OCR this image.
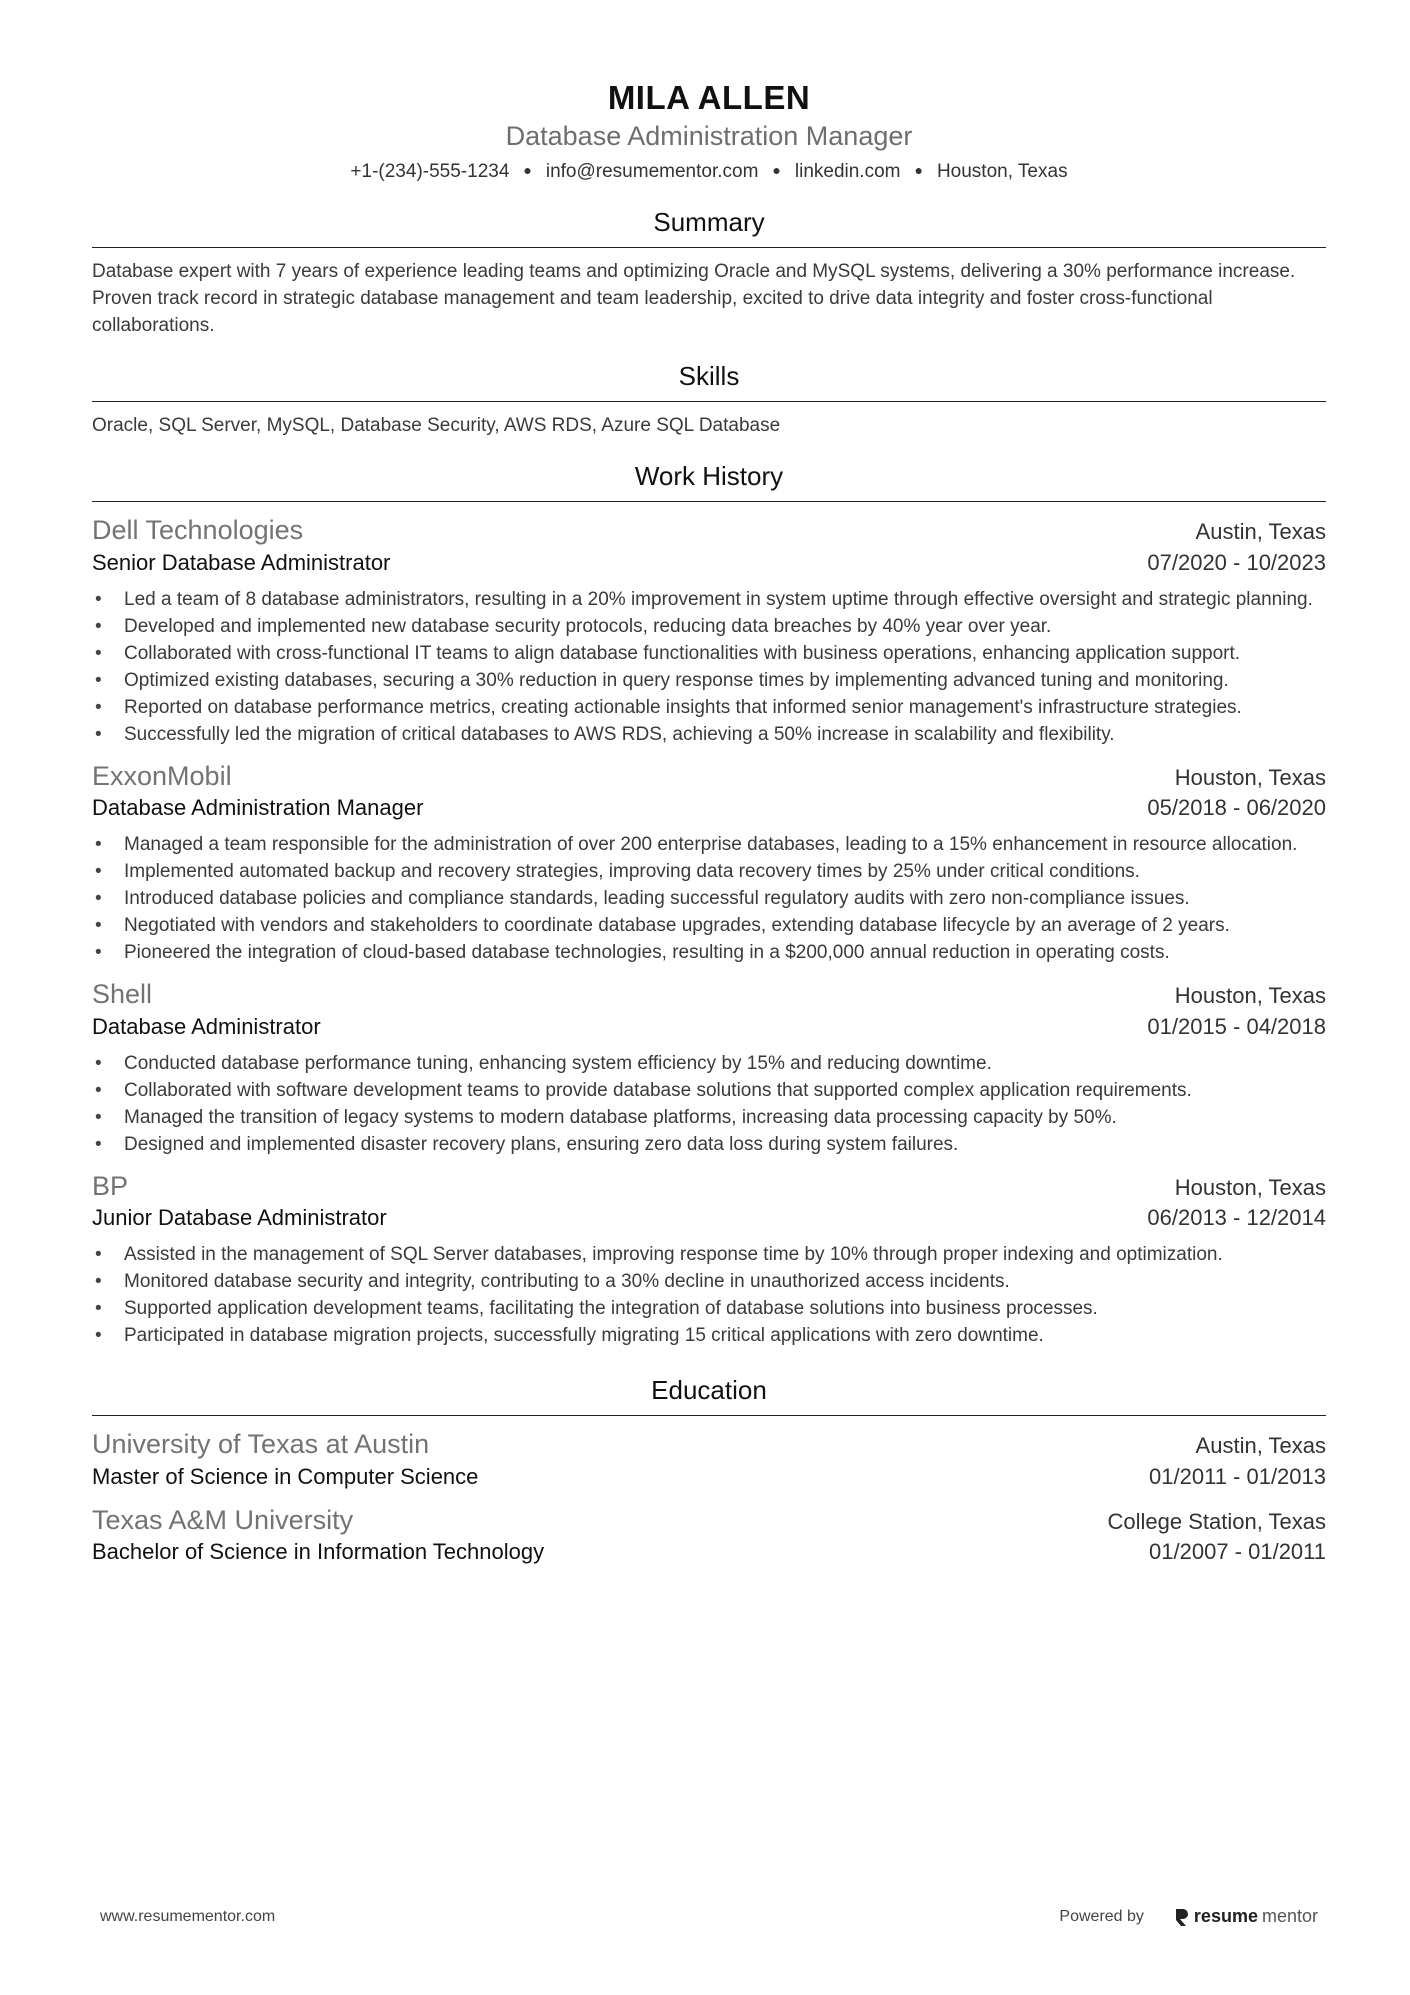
MILA ALLEN
Database Administration Manager
+1-(234)-555-1234 ● info@resumementor.com ● linkedin.com ● Houston, Texas
Summary
Database expert with 7 years of experience leading teams and optimizing Oracle and MySQL systems, delivering a 30% performance increase. Proven track record in strategic database management and team leadership, excited to drive data integrity and foster cross-functional collaborations.
Skills
Oracle, SQL Server, MySQL, Database Security, AWS RDS, Azure SQL Database
Work History
Dell Technologies	Austin, Texas
Senior Database Administrator	07/2020 - 10/2023
• Led a team of 8 database administrators, resulting in a 20% improvement in system uptime through effective oversight and strategic planning.
• Developed and implemented new database security protocols, reducing data breaches by 40% year over year.
• Collaborated with cross-functional IT teams to align database functionalities with business operations, enhancing application support.
• Optimized existing databases, securing a 30% reduction in query response times by implementing advanced tuning and monitoring.
• Reported on database performance metrics, creating actionable insights that informed senior management's infrastructure strategies.
• Successfully led the migration of critical databases to AWS RDS, achieving a 50% increase in scalability and flexibility.
ExxonMobil	Houston, Texas
Database Administration Manager	05/2018 - 06/2020
• Managed a team responsible for the administration of over 200 enterprise databases, leading to a 15% enhancement in resource allocation.
• Implemented automated backup and recovery strategies, improving data recovery times by 25% under critical conditions.
• Introduced database policies and compliance standards, leading successful regulatory audits with zero non-compliance issues.
• Negotiated with vendors and stakeholders to coordinate database upgrades, extending database lifecycle by an average of 2 years.
• Pioneered the integration of cloud-based database technologies, resulting in a $200,000 annual reduction in operating costs.
Shell	Houston, Texas
Database Administrator	01/2015 - 04/2018
• Conducted database performance tuning, enhancing system efficiency by 15% and reducing downtime.
• Collaborated with software development teams to provide database solutions that supported complex application requirements.
• Managed the transition of legacy systems to modern database platforms, increasing data processing capacity by 50%.
• Designed and implemented disaster recovery plans, ensuring zero data loss during system failures.
BP	Houston, Texas
Junior Database Administrator	06/2013 - 12/2014
• Assisted in the management of SQL Server databases, improving response time by 10% through proper indexing and optimization.
• Monitored database security and integrity, contributing to a 30% decline in unauthorized access incidents.
• Supported application development teams, facilitating the integration of database solutions into business processes.
• Participated in database migration projects, successfully migrating 15 critical applications with zero downtime.
Education
University of Texas at Austin	Austin, Texas
Master of Science in Computer Science	01/2011 - 01/2013
Texas A&M University	College Station, Texas
Bachelor of Science in Information Technology	01/2007 - 01/2011
www.resumementor.com	Powered by	resume mentor
